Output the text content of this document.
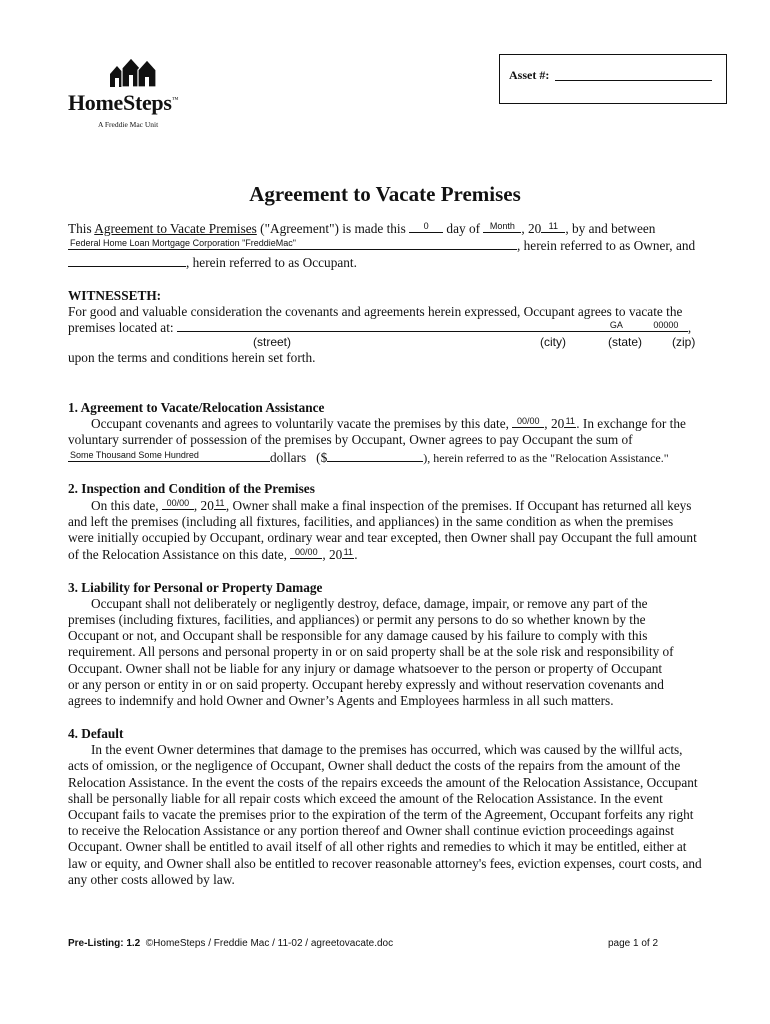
HomeSteps™
A Freddie Mac Unit
Asset #:
Agreement to Vacate Premises
This Agreement to Vacate Premises ("Agreement") is made this	0	day of Month , 20 11 , by and between
Federal Home Loan Mortgage Corporation "FreddieMac"	, herein referred to as Owner, and
, herein referred to as Occupant.
WITNESSETH:
For good and valuable consideration the covenants and agreements herein expressed, Occupant agrees to vacate the
premises located at:	GA	00000 ,
(street)	(city)	(state) (zip)
upon the terms and conditions herein set forth.
1. Agreement to Vacate/Relocation Assistance
Occupant covenants and agrees to voluntarily vacate the premises by this date, 00/00 , 20 11 . In exchange for the
voluntary surrender of possession of the premises by Occupant, Owner agrees to pay Occupant the sum of
Some Thousand Some Hundred	dollars   ($	), herein referred to as the "Relocation Assistance."
2. Inspection and Condition of the Premises
On this date, 00/00 , 20 11 , Owner shall make a final inspection of the premises. If Occupant has returned all keys
and left the premises (including all fixtures, facilities, and appliances) in the same condition as when the premises
were initially occupied by Occupant, ordinary wear and tear excepted, then Owner shall pay Occupant the full amount
of the Relocation Assistance on this date, 00/00 , 20 11 .
3. Liability for Personal or Property Damage
Occupant shall not deliberately or negligently destroy, deface, damage, impair, or remove any part of the
premises (including fixtures, facilities, and appliances) or permit any persons to do so whether known by the
Occupant or not, and Occupant shall be responsible for any damage caused by his failure to comply with this
requirement. All persons and personal property in or on said property shall be at the sole risk and responsibility of
Occupant. Owner shall not be liable for any injury or damage whatsoever to the person or property of Occupant
or any person or entity in or on said property. Occupant hereby expressly and without reservation covenants and
agrees to indemnify and hold Owner and Owner’s Agents and Employees harmless in all such matters.
4. Default
In the event Owner determines that damage to the premises has occurred, which was caused by the willful acts,
acts of omission, or the negligence of Occupant, Owner shall deduct the costs of the repairs from the amount of the
Relocation Assistance. In the event the costs of the repairs exceeds the amount of the Relocation Assistance, Occupant
shall be personally liable for all repair costs which exceed the amount of the Relocation Assistance. In the event
Occupant fails to vacate the premises prior to the expiration of the term of the Agreement, Occupant forfeits any right
to receive the Relocation Assistance or any portion thereof and Owner shall continue eviction proceedings against
Occupant. Owner shall be entitled to avail itself of all other rights and remedies to which it may be entitled, either at
law or equity, and Owner shall also be entitled to recover reasonable attorney's fees, eviction expenses, court costs, and
any other costs allowed by law.
Pre-Listing: 1.2  ©HomeSteps / Freddie Mac / 11-02 / agreetovacate.doc	page 1 of 2
